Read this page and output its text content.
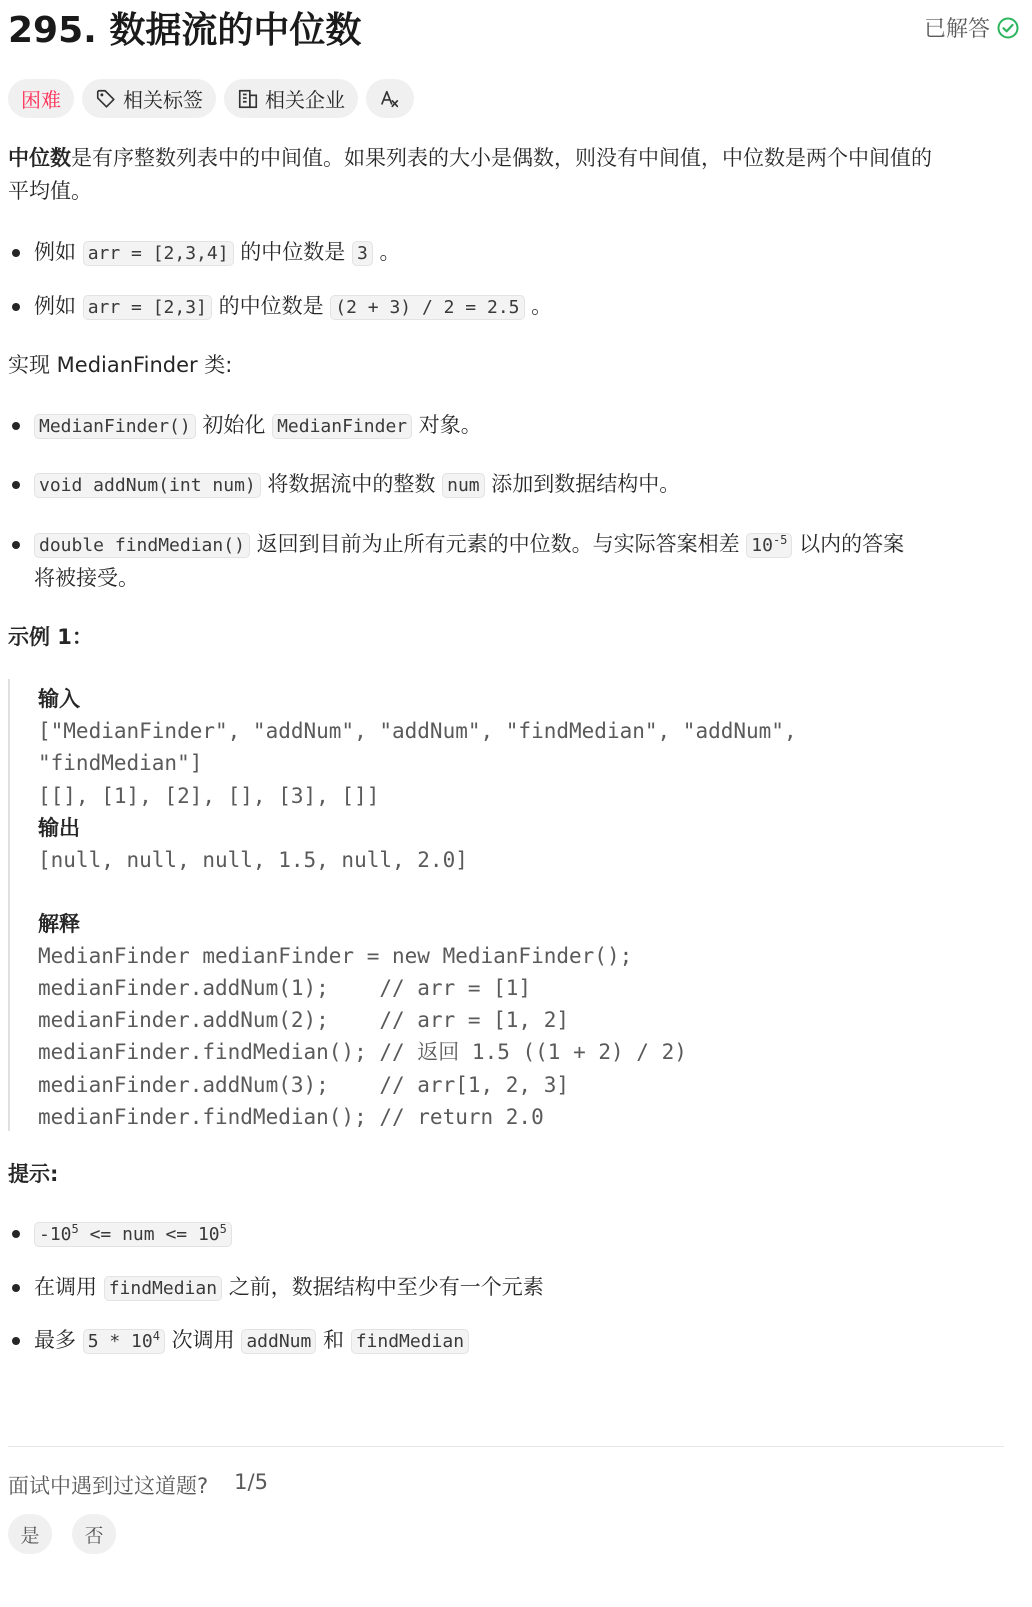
295. 数据流的中位数	已解答
困难	相关标签	相关企业

中位数是有序整数列表中的中间值。如果列表的大小是偶数，则没有中间值，中位数是两个中间值的
平均值。

例如 arr = [2,3,4] 的中位数是 3 。
例如 arr = [2,3] 的中位数是 (2 + 3) / 2 = 2.5 。

实现 MedianFinder 类:

MedianFinder() 初始化 MedianFinder 对象。
void addNum(int num) 将数据流中的整数 num 添加到数据结构中。
double findMedian() 返回到目前为止所有元素的中位数。与实际答案相差 $10^{-5}$ 以内的答案
将被接受。

示例 1：

输入
["MedianFinder", "addNum", "addNum", "findMedian", "addNum",
"findMedian"]
[[], [1], [2], [], [3], []]
输出
[null, null, null, 1.5, null, 2.0]
解释
MedianFinder medianFinder = new MedianFinder();
medianFinder.addNum(1);    // arr = [1]
medianFinder.addNum(2);    // arr = [1, 2]
medianFinder.findMedian(); // 返回 1.5 ((1 + 2) / 2)
medianFinder.addNum(3);    // arr[1, 2, 3]
medianFinder.findMedian(); // return 2.0

提示:

$-10^5$ <= num <= $10^5$
在调用 findMedian 之前，数据结构中至少有一个元素
最多 $5 * 10^4$ 次调用 addNum 和 findMedian
面试中遇到过这道题? 1/5
是	否
